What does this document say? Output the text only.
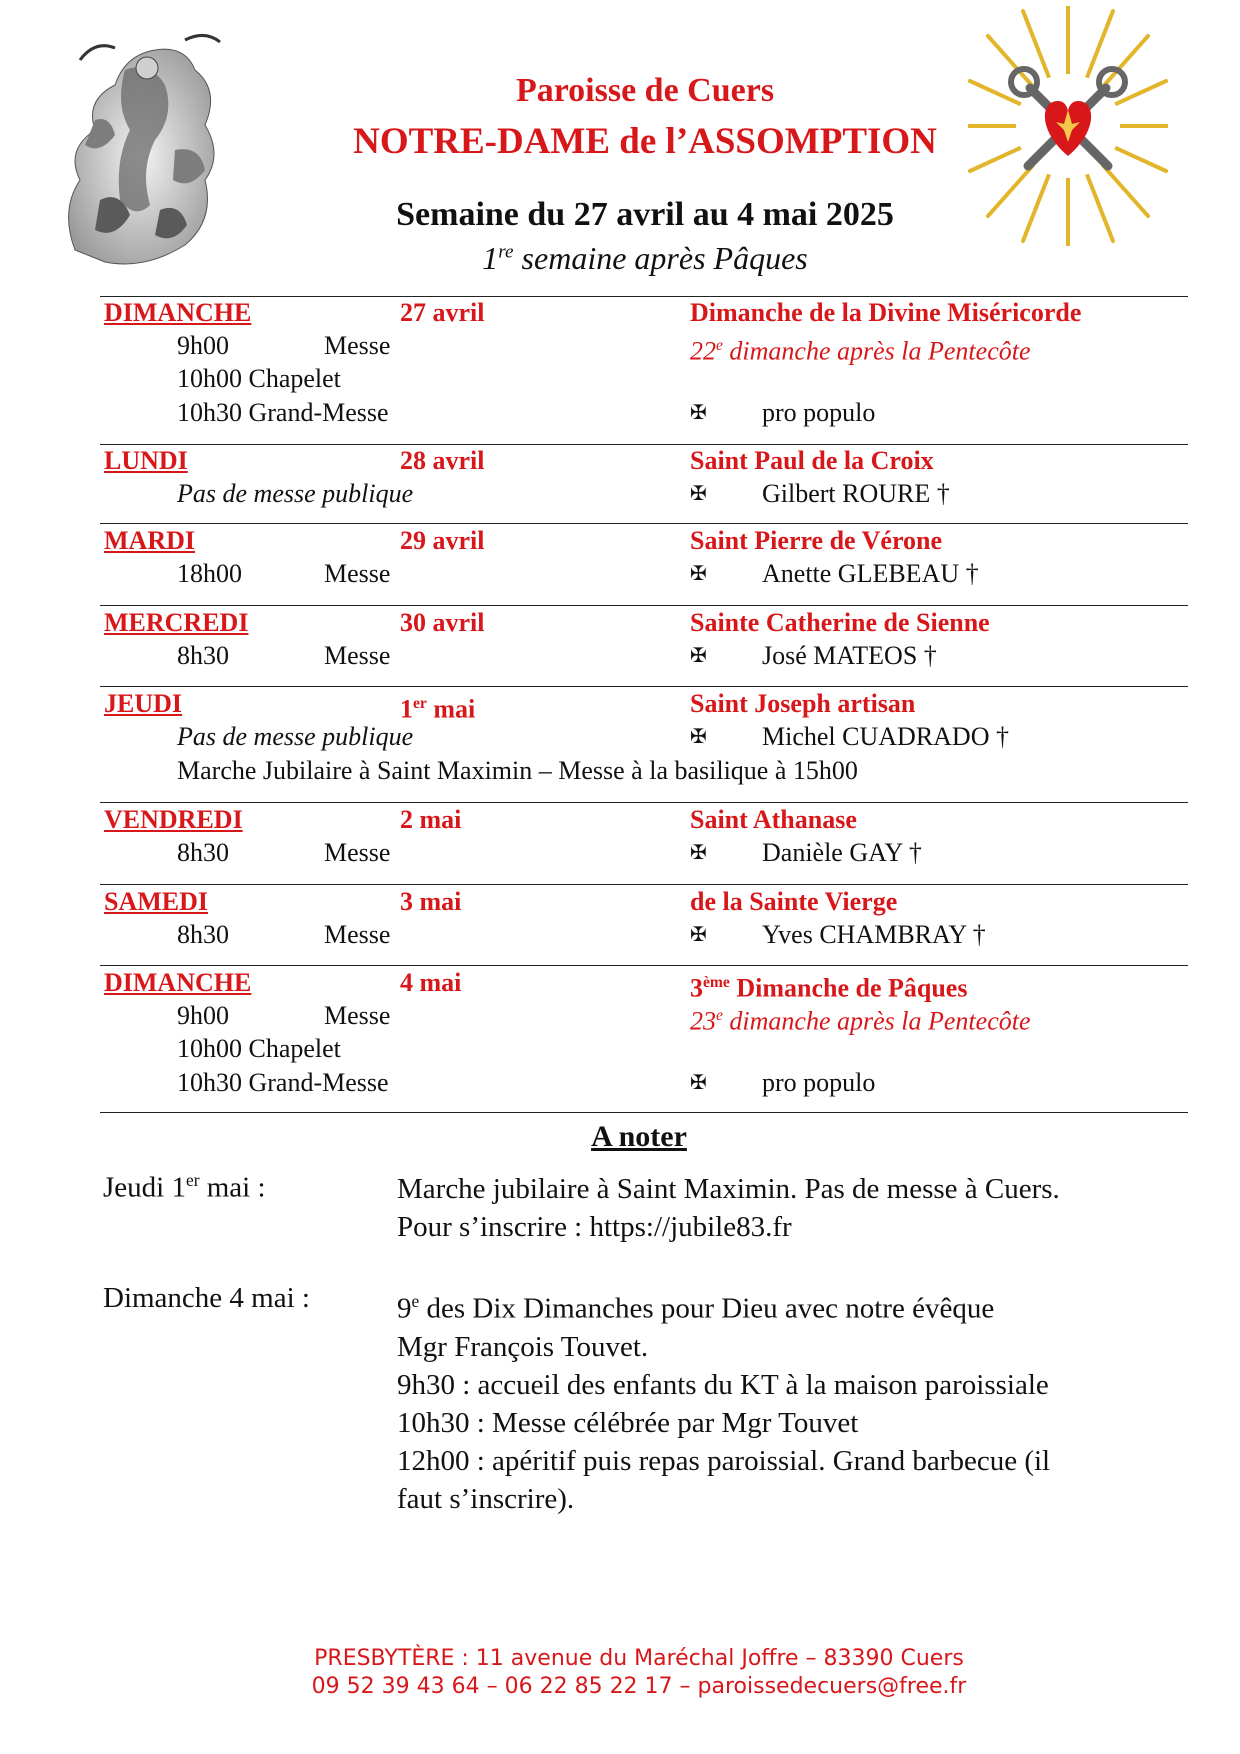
Paroisse de Cuers
NOTRE-DAME de l’ASSOMPTION
Semaine du 27 avril au 4 mai 2025
1re semaine après Pâques
DIMANCHE	27 avril	Dimanche de la Divine Miséricorde
9h00	Messe	22e dimanche après la Pentecôte
10h00 Chapelet
10h30 Grand-Messe	✠ pro populo
LUNDI	28 avril	Saint Paul de la Croix
Pas de messe publique	✠ Gilbert ROURE †
MARDI	29 avril	Saint Pierre de Vérone
18h00	Messe	✠ Anette GLEBEAU †
MERCREDI	30 avril	Sainte Catherine de Sienne
8h30	Messe	✠ José MATEOS †
JEUDI	1er mai	Saint Joseph artisan
Pas de messe publique	✠ Michel CUADRADO †
Marche Jubilaire à Saint Maximin – Messe à la basilique à 15h00
VENDREDI	2 mai	Saint Athanase
8h30	Messe	✠ Danièle GAY †
SAMEDI	3 mai	de la Sainte Vierge
8h30	Messe	✠ Yves CHAMBRAY †
DIMANCHE	4 mai	3ème Dimanche de Pâques
9h00	Messe	23e dimanche après la Pentecôte
10h00 Chapelet
10h30 Grand-Messe	✠ pro populo
A noter
Jeudi 1er mai :	Marche jubilaire à Saint Maximin. Pas de messe à Cuers.
Pour s’inscrire : https://jubile83.fr
Dimanche 4 mai :	9e des Dix Dimanches pour Dieu avec notre évêque
Mgr François Touvet.
9h30 : accueil des enfants du KT à la maison paroissiale
10h30 : Messe célébrée par Mgr Touvet
12h00 : apéritif puis repas paroissial. Grand barbecue (il
faut s’inscrire).
PRESBYTÈRE : 11 avenue du Maréchal Joffre – 83390 Cuers
09 52 39 43 64 – 06 22 85 22 17 – paroissedecuers@free.fr
